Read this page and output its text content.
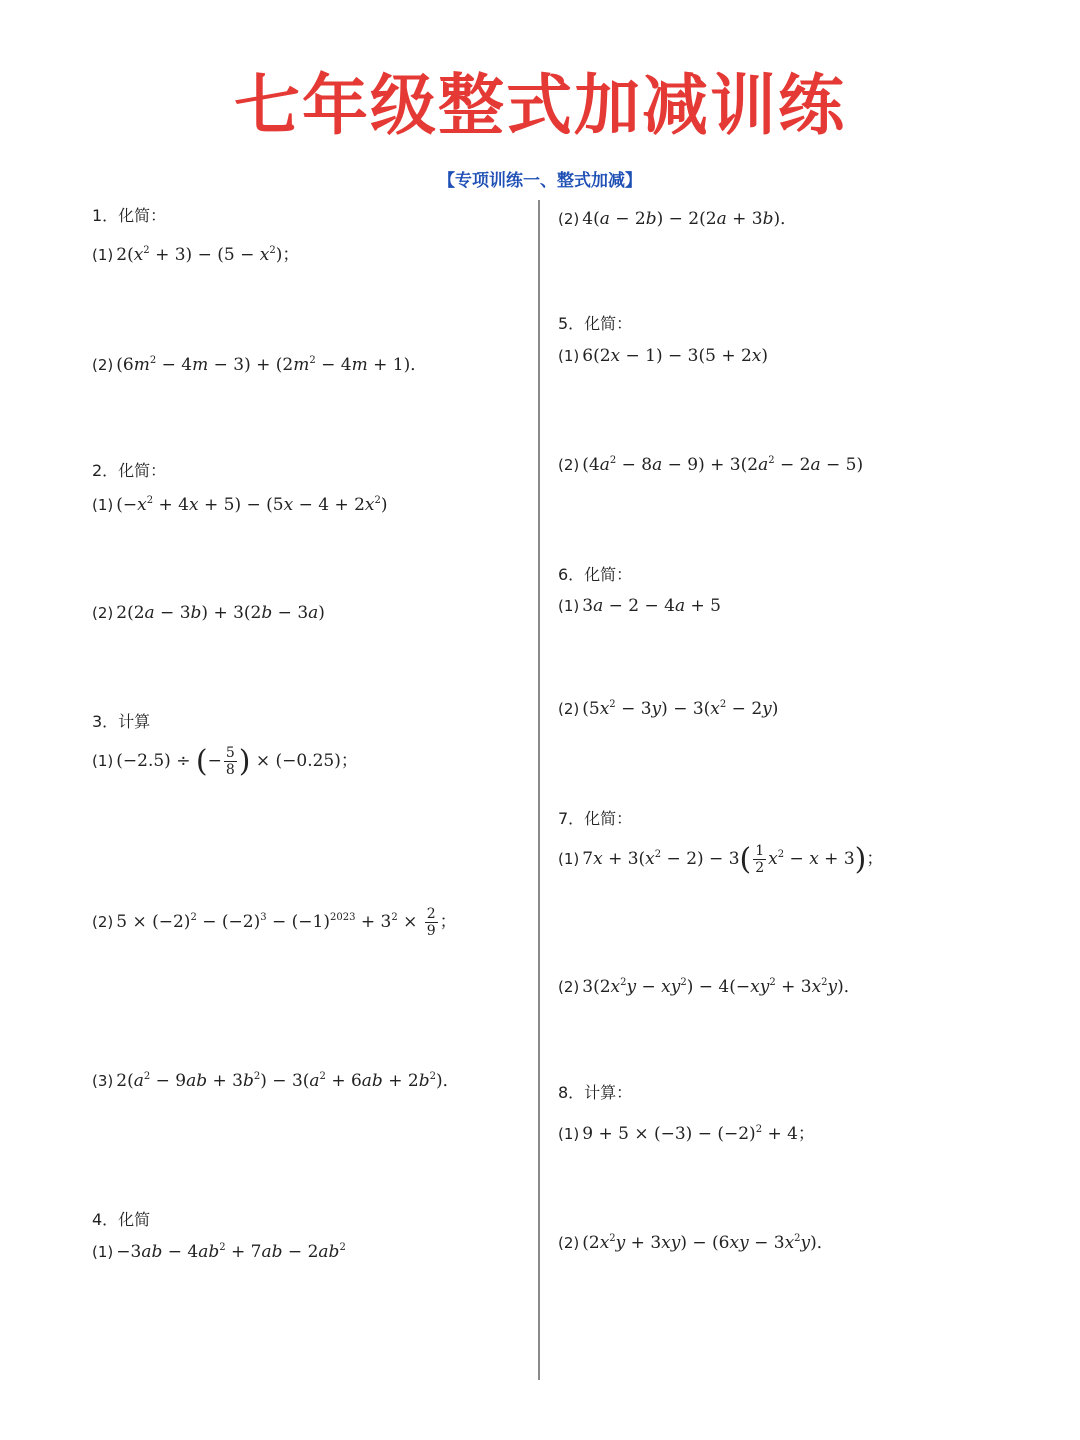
七年级整式加减训练
【专项训练一、整式加减】
1．化简：
(1) $2(x^2 + 3) - (5 - x^2)$；
(2) $(6m^2 - 4m - 3) + (2m^2 - 4m + 1)$．
2．化简：
(1) $(-x^2 + 4x + 5) - (5x - 4 + 2x^2)$
(2) 2(2a − 3b) + 3(2b − 3a)
3．计算
(1) (−2.5) ÷ (− $\frac{5}{8}$ ) × (−0.25)；
(2) $5 \times (-2)^2 - (-2)^3 - (-1)^{2023} + 3^2 \times \frac{2}{9}$ ；
(3) $2(a^2 - 9ab + 3b^2) - 3(a^2 + 6ab + 2b^2)$．
4．化简
$(1) -3ab - 4ab^2 + 7ab - 2ab^2$
(2) 4(a − 2b) − 2(2a + 3b)．
5．化简：
(1) 6(2x − 1) − 3(5 + 2x)
(2) $(4a^2 - 8a - 9) + 3(2a^2 - 2a - 5)$
6．化简：
(1) 3a − 2 − 4a + 5
(2) $(5x^2 - 3y) - 3(x^2 - 2y)$
7．化简：
(1) $7x + 3(x^2 - 2) - 3( \frac{1}{2} x^2 - x + 3)$；
(2) $3(2x^2y - xy^2) - 4(-xy^2 + 3x^2y)$．
8．计算：
(1) $9 + 5 \times (-3) - (-2)^2 + 4$；
(2) $(2x^2y + 3xy) - (6xy - 3x^2y)$．
